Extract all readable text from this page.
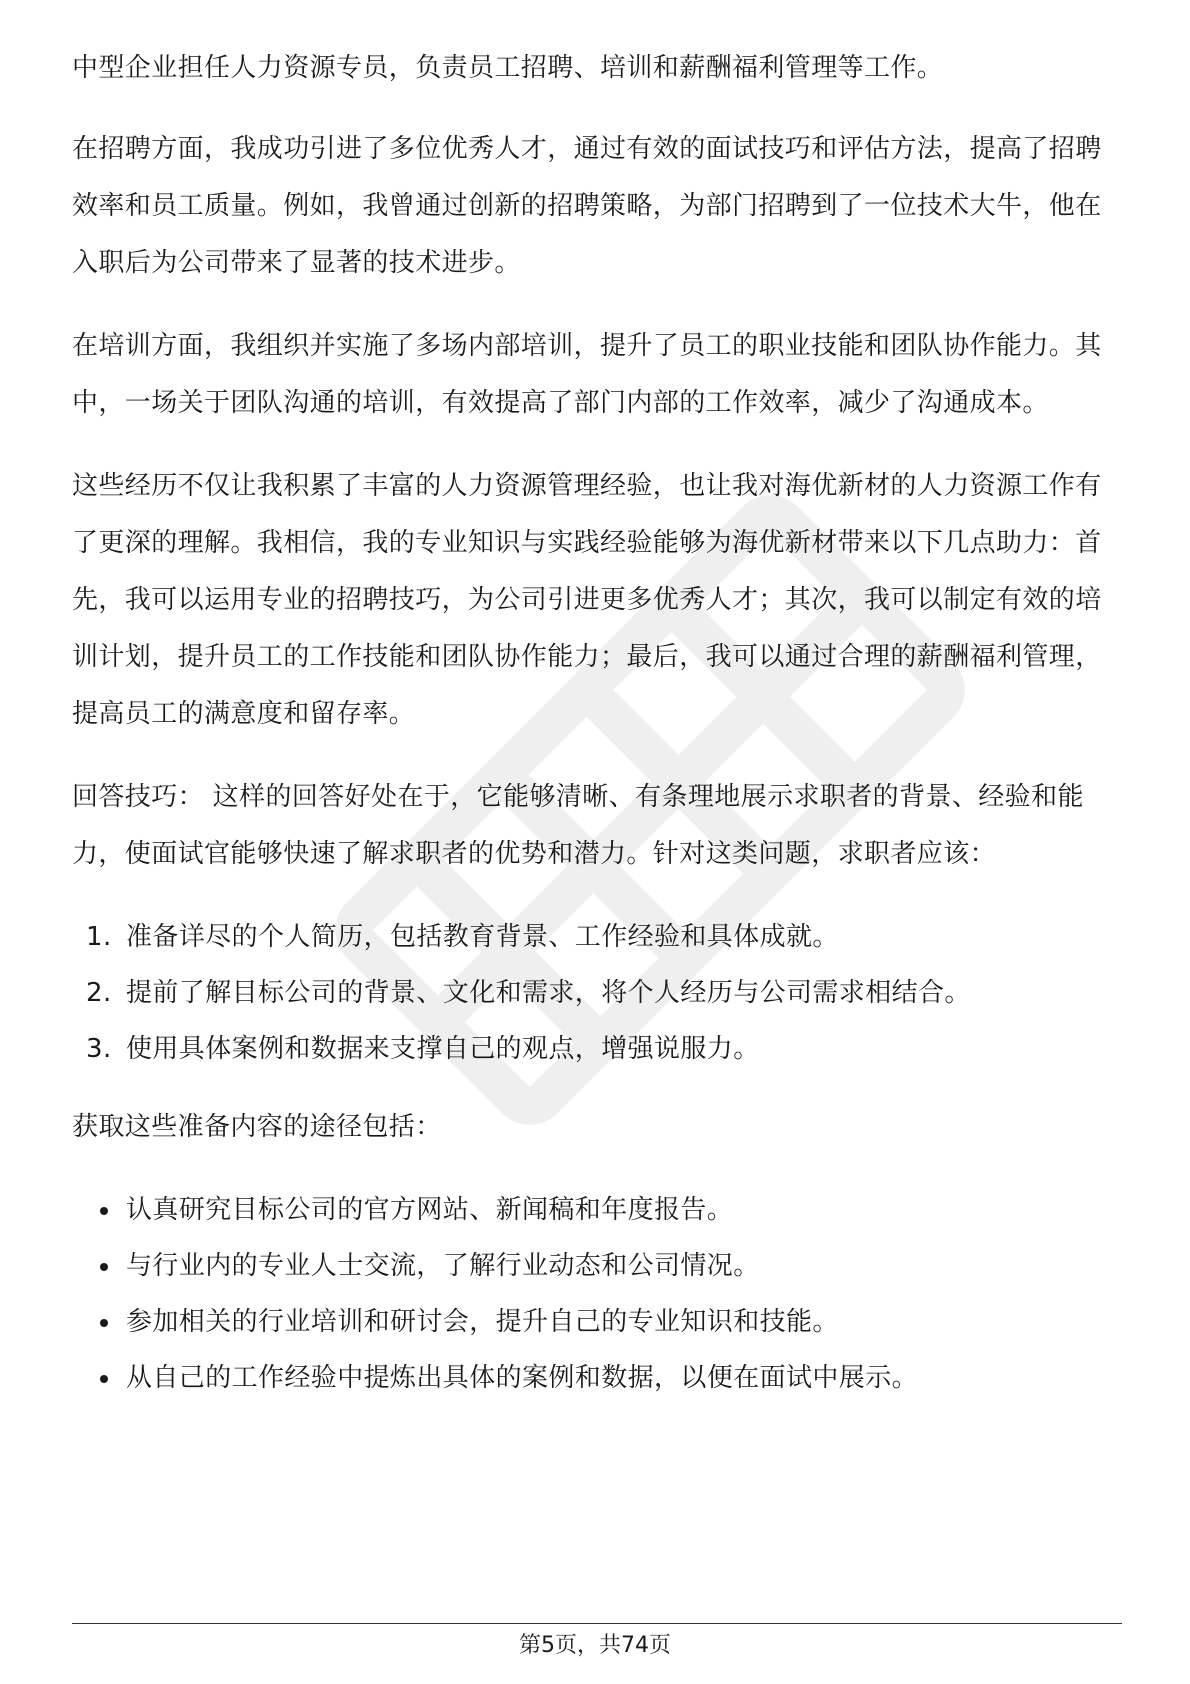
中型企业担任人力资源专员，负责员工招聘、培训和薪酬福利管理等工作。

在招聘方面，我成功引进了多位优秀人才，通过有效的面试技巧和评估方法，提高了招聘效率和员工质量。例如，我曾通过创新的招聘策略，为部门招聘到了一位技术大牛，他在入职后为公司带来了显著的技术进步。

在培训方面，我组织并实施了多场内部培训，提升了员工的职业技能和团队协作能力。其中，一场关于团队沟通的培训，有效提高了部门内部的工作效率，减少了沟通成本。

这些经历不仅让我积累了丰富的人力资源管理经验，也让我对海优新材的人力资源工作有了更深的理解。我相信，我的专业知识与实践经验能够为海优新材带来以下几点助力：首先，我可以运用专业的招聘技巧，为公司引进更多优秀人才；其次，我可以制定有效的培训计划，提升员工的工作技能和团队协作能力；最后，我可以通过合理的薪酬福利管理，提高员工的满意度和留存率。

回答技巧： 这样的回答好处在于，它能够清晰、有条理地展示求职者的背景、经验和能力，使面试官能够快速了解求职者的优势和潜力。针对这类问题，求职者应该：

1. 准备详尽的个人简历，包括教育背景、工作经验和具体成就。
2. 提前了解目标公司的背景、文化和需求，将个人经历与公司需求相结合。
3. 使用具体案例和数据来支撑自己的观点，增强说服力。

获取这些准备内容的途径包括：

认真研究目标公司的官方网站、新闻稿和年度报告。
与行业内的专业人士交流，了解行业动态和公司情况。
参加相关的行业培训和研讨会，提升自己的专业知识和技能。
从自己的工作经验中提炼出具体的案例和数据，以便在面试中展示。
第5页，共74页
